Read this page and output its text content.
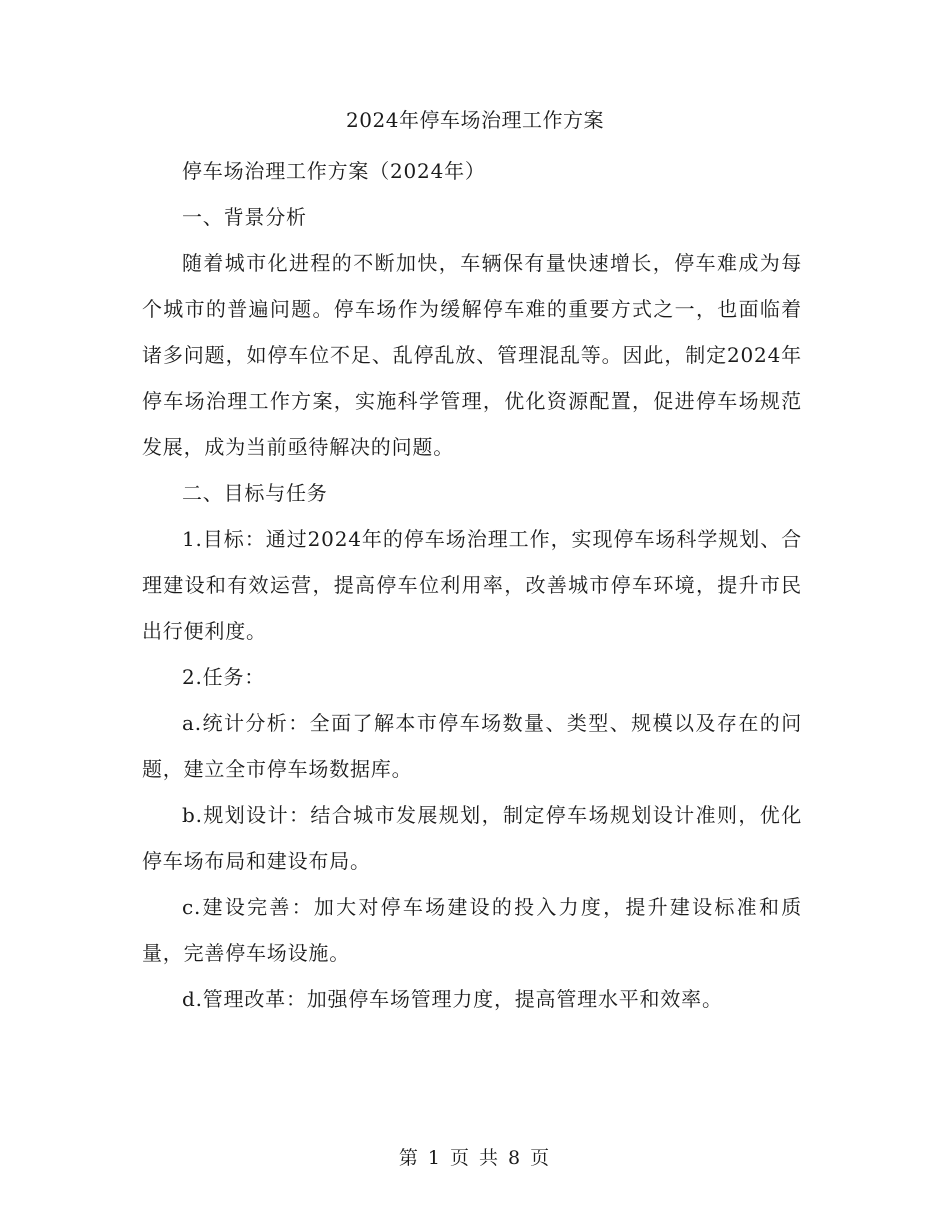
2024年停车场治理工作方案

停车场治理工作方案（2024年）

一、背景分析

随着城市化进程的不断加快，车辆保有量快速增长，停车难成为每个城市的普遍问题。停车场作为缓解停车难的重要方式之一，也面临着诸多问题，如停车位不足、乱停乱放、管理混乱等。因此，制定2024年停车场治理工作方案，实施科学管理，优化资源配置，促进停车场规范发展，成为当前亟待解决的问题。

二、目标与任务

1.目标：通过2024年的停车场治理工作，实现停车场科学规划、合理建设和有效运营，提高停车位利用率，改善城市停车环境，提升市民出行便利度。

2.任务：

a.统计分析：全面了解本市停车场数量、类型、规模以及存在的问题，建立全市停车场数据库。

b.规划设计：结合城市发展规划，制定停车场规划设计准则，优化停车场布局和建设布局。

c.建设完善：加大对停车场建设的投入力度，提升建设标准和质量，完善停车场设施。

d.管理改革：加强停车场管理力度，提高管理水平和效率。

第 1 页 共 8 页
